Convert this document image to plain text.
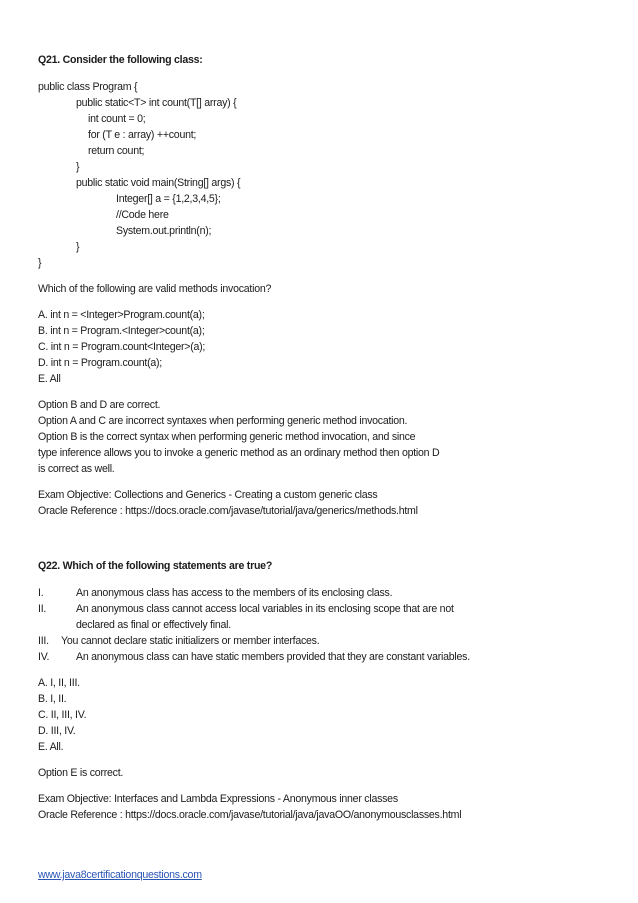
Q21. Consider the following class:
public class Program {
public static<T> int count(T[] array) {
int count = 0;
for (T e : array) ++count;
return count;
}
public static void main(String[] args) {
Integer[] a = {1,2,3,4,5};
//Code here
System.out.println(n);
}
}
Which of the following are valid methods invocation?
A. int n = <Integer>Program.count(a);
B. int n = Program.<Integer>count(a);
C. int n = Program.count<Integer>(a);
D. int n = Program.count(a);
E. All
Option B and D are correct.
Option A and C are incorrect syntaxes when performing generic method invocation.
Option B is the correct syntax when performing generic method invocation, and since
type inference allows you to invoke a generic method as an ordinary method then option D
is correct as well.
Exam Objective: Collections and Generics - Creating a custom generic class
Oracle Reference : https://docs.oracle.com/javase/tutorial/java/generics/methods.html
Q22. Which of the following statements are true?
I.	An anonymous class has access to the members of its enclosing class.
II.	An anonymous class cannot access local variables in its enclosing scope that are not
declared as final or effectively final.
III. You cannot declare static initializers or member interfaces.
IV.	An anonymous class can have static members provided that they are constant variables.
A. I, II, III.
B. I, II.
C. II, III, IV.
D. III, IV.
E. All.
Option E is correct.
Exam Objective: Interfaces and Lambda Expressions - Anonymous inner classes
Oracle Reference : https://docs.oracle.com/javase/tutorial/java/javaOO/anonymousclasses.html
www.java8certificationquestions.com
